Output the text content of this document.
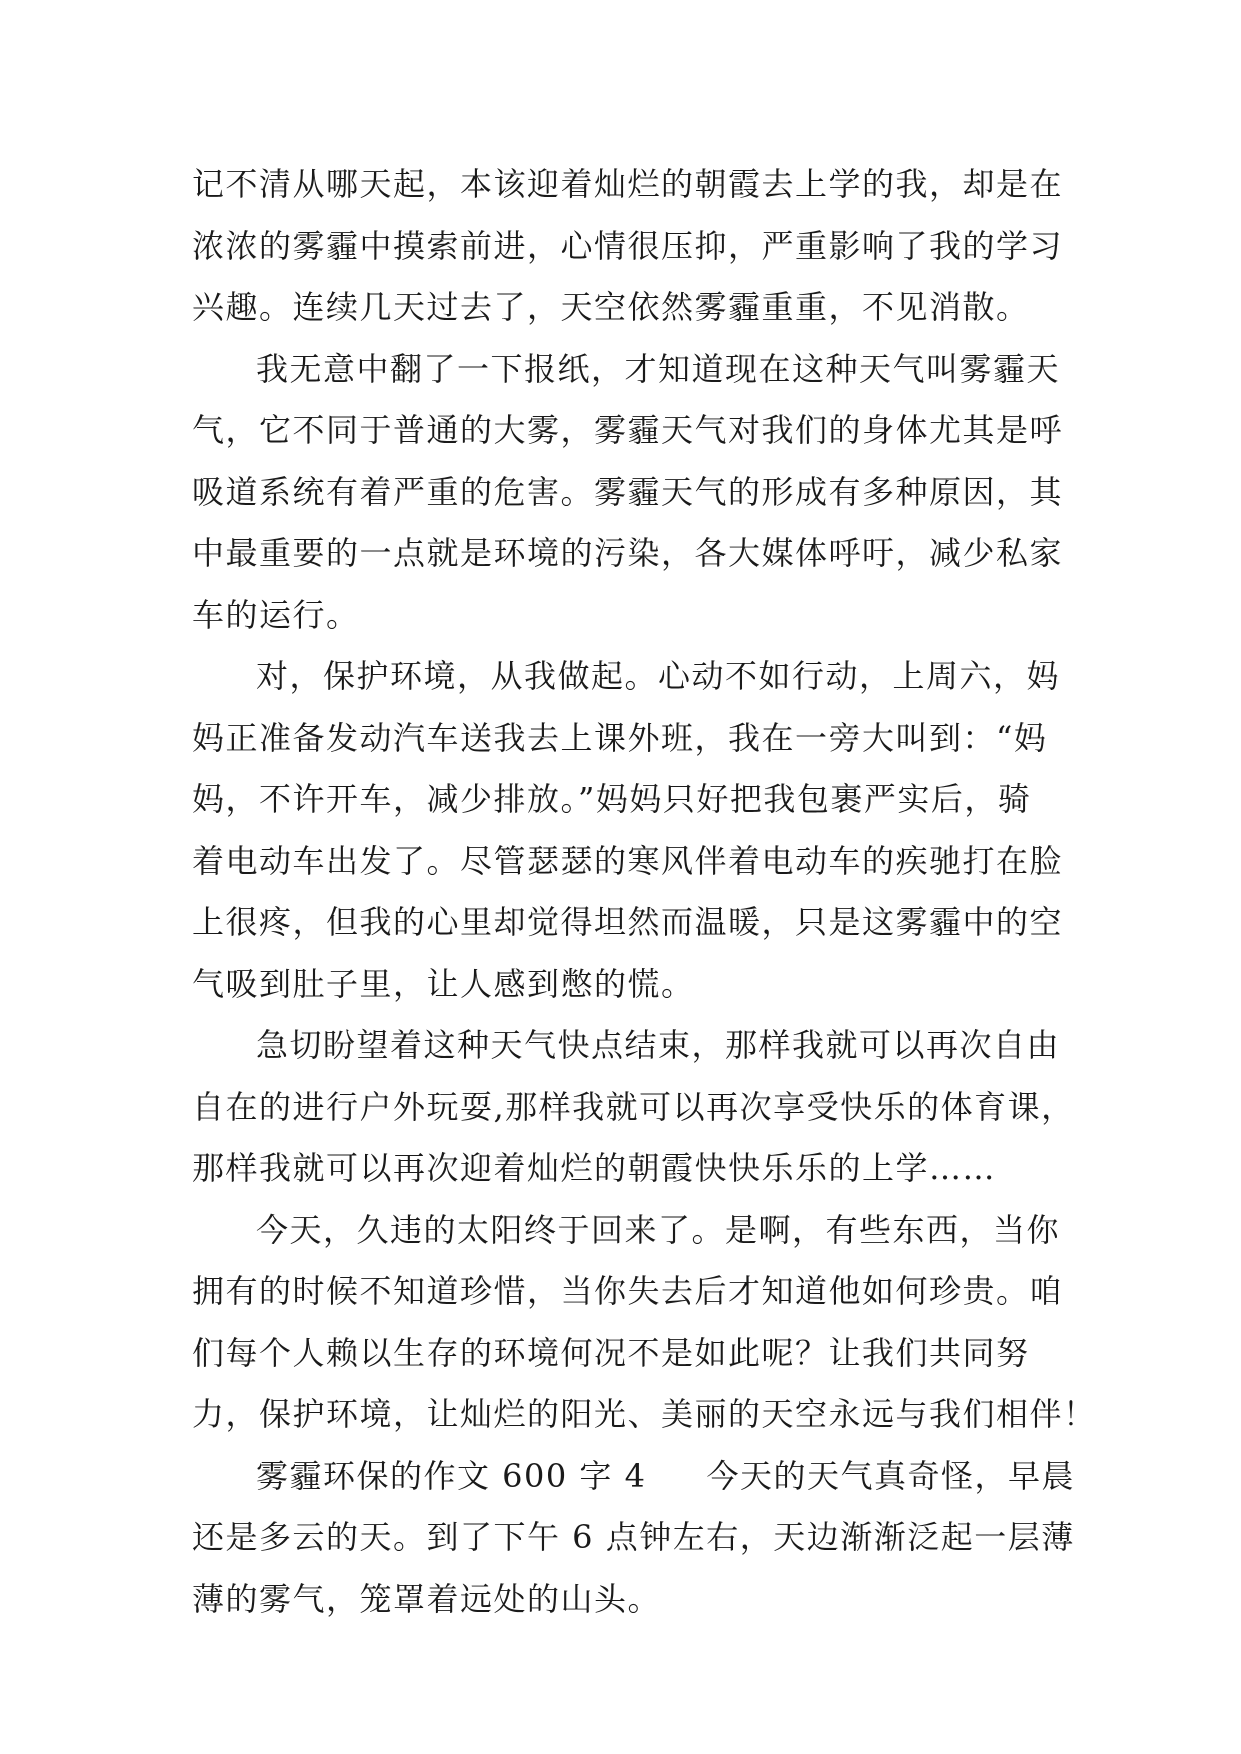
记不清从哪天起，本该迎着灿烂的朝霞去上学的我，却是在
浓浓的雾霾中摸索前进，心情很压抑，严重影响了我的学习
兴趣。连续几天过去了，天空依然雾霾重重，不见消散。
我无意中翻了一下报纸，才知道现在这种天气叫雾霾天
气，它不同于普通的大雾，雾霾天气对我们的身体尤其是呼
吸道系统有着严重的危害。雾霾天气的形成有多种原因，其
中最重要的一点就是环境的污染，各大媒体呼吁，减少私家
车的运行。
对，保护环境，从我做起。心动不如行动，上周六，妈
妈正准备发动汽车送我去上课外班，我在一旁大叫到：“妈
妈，不许开车，减少排放。”妈妈只好把我包裹严实后，骑
着电动车出发了。尽管瑟瑟的寒风伴着电动车的疾驰打在脸
上很疼，但我的心里却觉得坦然而温暖，只是这雾霾中的空
气吸到肚子里，让人感到憋的慌。
急切盼望着这种天气快点结束，那样我就可以再次自由
自在的进行户外玩耍,那样我就可以再次享受快乐的体育课，
那样我就可以再次迎着灿烂的朝霞快快乐乐的上学……
今天，久违的太阳终于回来了。是啊，有些东西，当你
拥有的时候不知道珍惜，当你失去后才知道他如何珍贵。咱
们每个人赖以生存的环境何况不是如此呢？让我们共同努
力，保护环境，让灿烂的阳光、美丽的天空永远与我们相伴！
雾霾环保的作文 600 字 4 今天的天气真奇怪，早晨
还是多云的天。到了下午 6 点钟左右，天边渐渐泛起一层薄
薄的雾气，笼罩着远处的山头。
